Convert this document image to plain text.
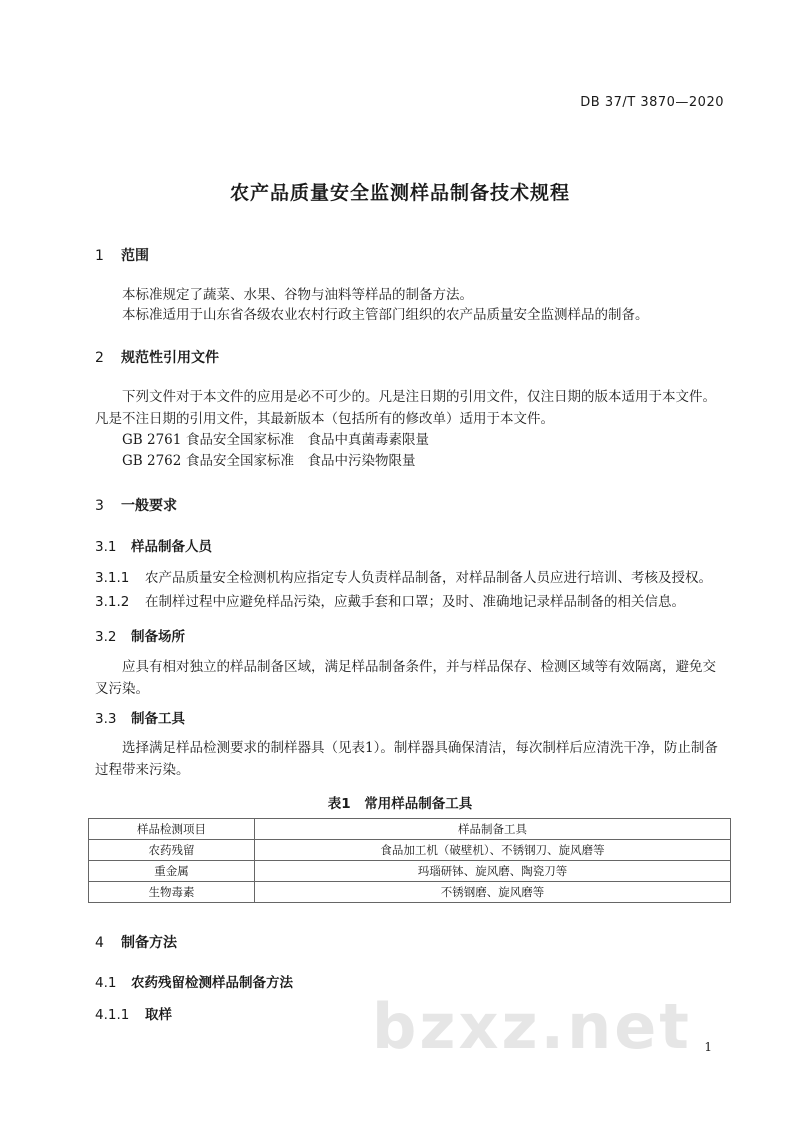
DB 37/T 3870—2020
农产品质量安全监测样品制备技术规程
1 范围
本标准规定了蔬菜、水果、谷物与油料等样品的制备方法。
本标准适用于山东省各级农业农村行政主管部门组织的农产品质量安全监测样品的制备。
2 规范性引用文件
下列文件对于本文件的应用是必不可少的。凡是注日期的引用文件，仅注日期的版本适用于本文件。凡是不注日期的引用文件，其最新版本（包括所有的修改单）适用于本文件。
GB 2761 食品安全国家标准　食品中真菌毒素限量
GB 2762 食品安全国家标准　食品中污染物限量
3 一般要求
3.1 样品制备人员
3.1.1 农产品质量安全检测机构应指定专人负责样品制备，对样品制备人员应进行培训、考核及授权。
3.1.2 在制样过程中应避免样品污染，应戴手套和口罩；及时、准确地记录样品制备的相关信息。
3.2 制备场所
应具有相对独立的样品制备区域，满足样品制备条件，并与样品保存、检测区域等有效隔离，避免交叉污染。
3.3 制备工具
选择满足样品检测要求的制样器具（见表1）。制样器具确保清洁，每次制样后应清洗干净，防止制备过程带来污染。
表1　常用样品制备工具
样品检测项目	样品制备工具
农药残留	食品加工机（破壁机）、不锈钢刀、旋风磨等
重金属	玛瑙研钵、旋风磨、陶瓷刀等
生物毒素	不锈钢磨、旋风磨等
4 制备方法
4.1 农药残留检测样品制备方法
4.1.1 取样	bzxz.net 1
